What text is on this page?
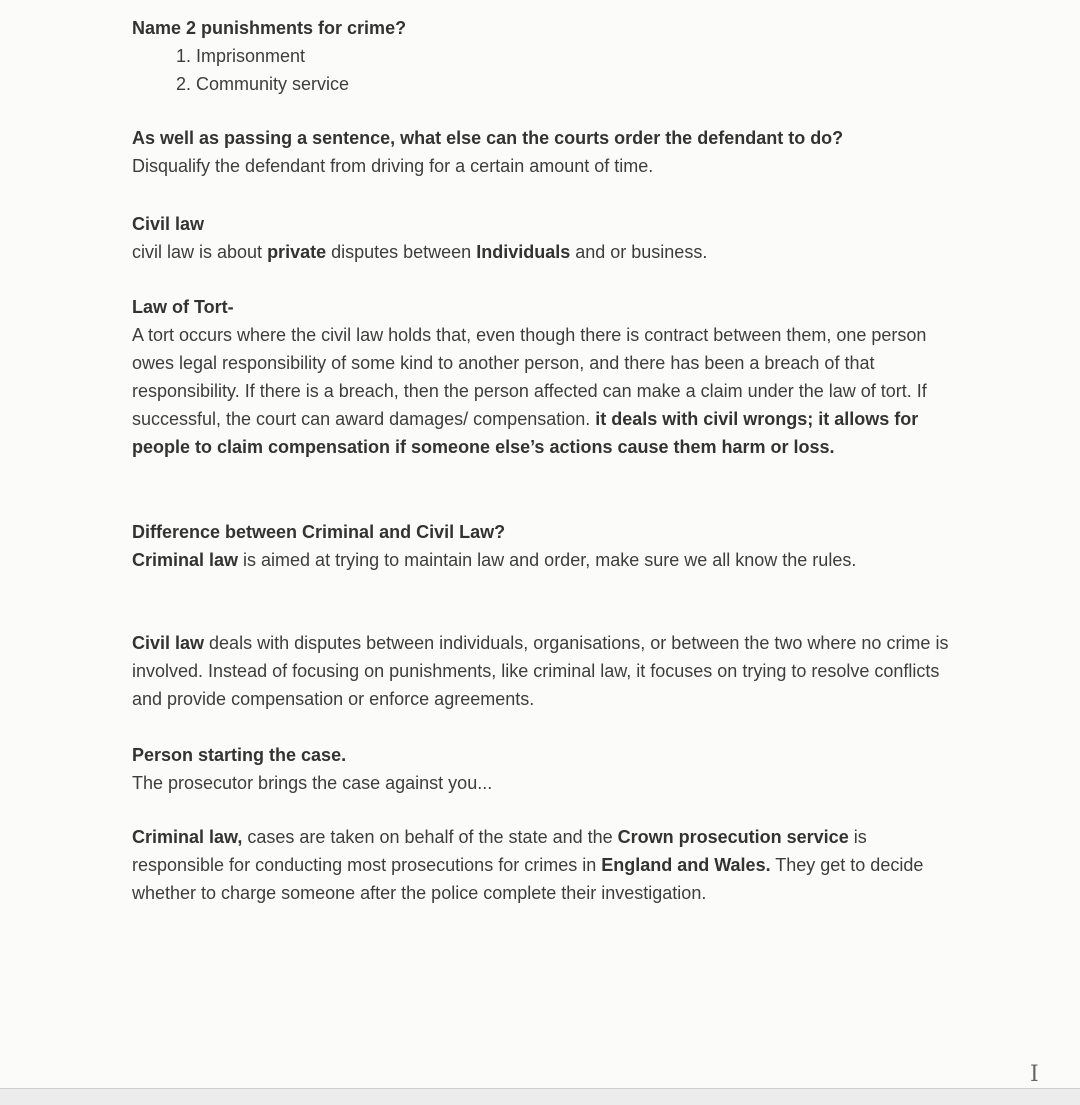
Name 2 punishments for crime?
1. Imprisonment
2. Community service
As well as passing a sentence, what else can the courts order the defendant to do?
Disqualify the defendant from driving for a certain amount of time.
Civil law
civil law is about private disputes between Individuals and or business.
Law of Tort-
A tort occurs where the civil law holds that, even though there is contract between them, one person owes legal responsibility of some kind to another person, and there has been a breach of that responsibility. If there is a breach, then the person affected can make a claim under the law of tort. If successful, the court can award damages/ compensation. it deals with civil wrongs; it allows for people to claim compensation if someone else’s actions cause them harm or loss.
Difference between Criminal and Civil Law?
Criminal law is aimed at trying to maintain law and order, make sure we all know the rules.
Civil law deals with disputes between individuals, organisations, or between the two where no crime is involved. Instead of focusing on punishments, like criminal law, it focuses on trying to resolve conflicts and provide compensation or enforce agreements.
Person starting the case.
The prosecutor brings the case against you...
Criminal law, cases are taken on behalf of the state and the Crown prosecution service is responsible for conducting most prosecutions for crimes in England and Wales. They get to decide whether to charge someone after the police complete their investigation.
I
